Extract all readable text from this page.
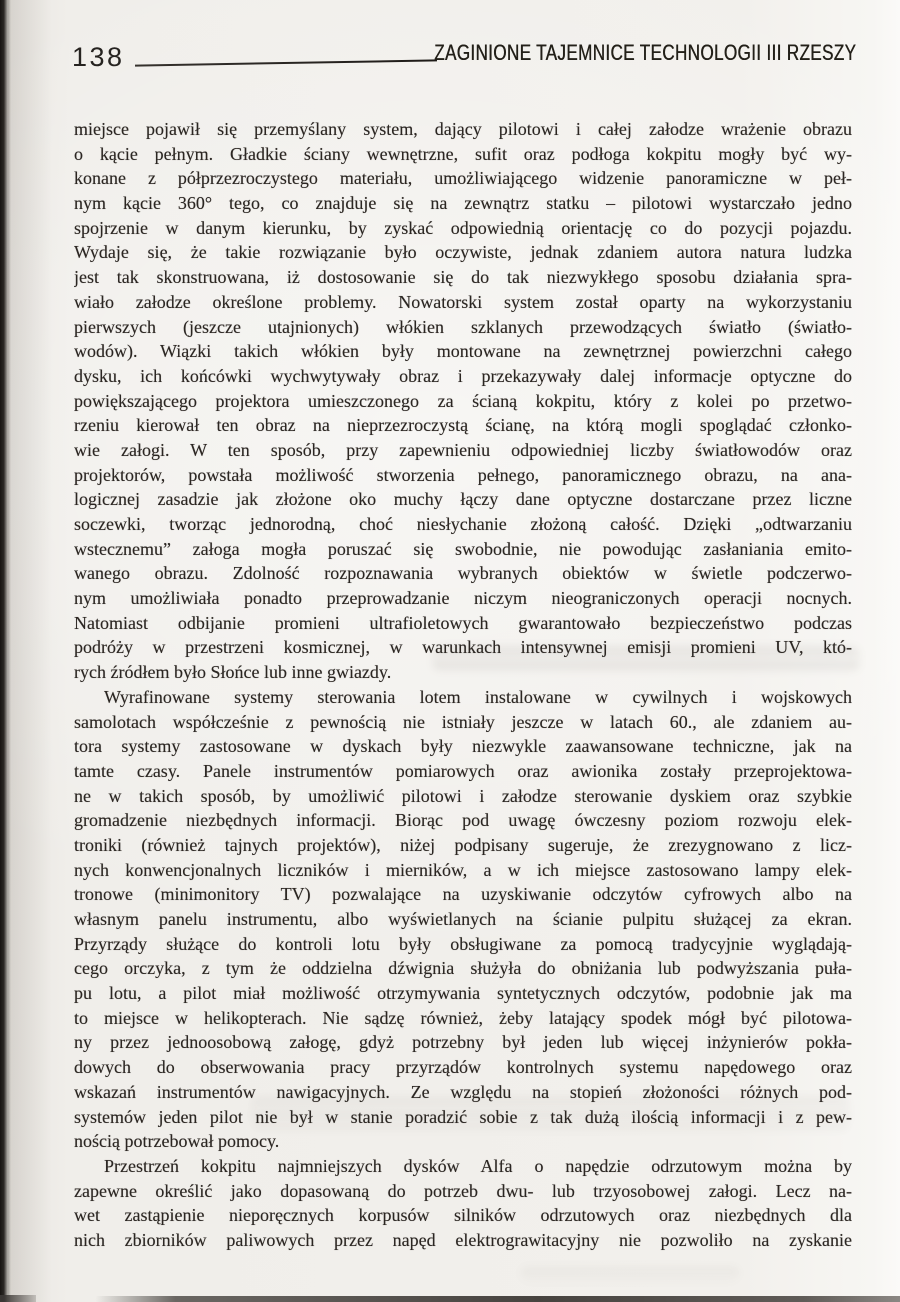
138	ZAGINIONE TAJEMNICE TECHNOLOGII III RZESZY
miejsce pojawił się przemyślany system, dający pilotowi i całej załodze wrażenie obrazu
o kącie pełnym. Gładkie ściany wewnętrzne, sufit oraz podłoga kokpitu mogły być wy-
konane z półprzezroczystego materiału, umożliwiającego widzenie panoramiczne w peł-
nym kącie 360° tego, co znajduje się na zewnątrz statku – pilotowi wystarczało jedno
spojrzenie w danym kierunku, by zyskać odpowiednią orientację co do pozycji pojazdu.
Wydaje się, że takie rozwiązanie było oczywiste, jednak zdaniem autora natura ludzka
jest tak skonstruowana, iż dostosowanie się do tak niezwykłego sposobu działania spra-
wiało załodze określone problemy. Nowatorski system został oparty na wykorzystaniu
pierwszych (jeszcze utajnionych) włókien szklanych przewodzących światło (światło-
wodów). Wiązki takich włókien były montowane na zewnętrznej powierzchni całego
dysku, ich końcówki wychwytywały obraz i przekazywały dalej informacje optyczne do
powiększającego projektora umieszczonego za ścianą kokpitu, który z kolei po przetwo-
rzeniu kierował ten obraz na nieprzezroczystą ścianę, na którą mogli spoglądać członko-
wie załogi. W ten sposób, przy zapewnieniu odpowiedniej liczby światłowodów oraz
projektorów, powstała możliwość stworzenia pełnego, panoramicznego obrazu, na ana-
logicznej zasadzie jak złożone oko muchy łączy dane optyczne dostarczane przez liczne
soczewki, tworząc jednorodną, choć niesłychanie złożoną całość. Dzięki „odtwarzaniu
wstecznemu” załoga mogła poruszać się swobodnie, nie powodując zasłaniania emito-
wanego obrazu. Zdolność rozpoznawania wybranych obiektów w świetle podczerwo-
nym umożliwiała ponadto przeprowadzanie niczym nieograniczonych operacji nocnych.
Natomiast odbijanie promieni ultrafioletowych gwarantowało bezpieczeństwo podczas
podróży w przestrzeni kosmicznej, w warunkach intensywnej emisji promieni UV, któ-
rych źródłem było Słońce lub inne gwiazdy.
Wyrafinowane systemy sterowania lotem instalowane w cywilnych i wojskowych
samolotach współcześnie z pewnością nie istniały jeszcze w latach 60., ale zdaniem au-
tora systemy zastosowane w dyskach były niezwykle zaawansowane techniczne, jak na
tamte czasy. Panele instrumentów pomiarowych oraz awionika zostały przeprojektowa-
ne w takich sposób, by umożliwić pilotowi i załodze sterowanie dyskiem oraz szybkie
gromadzenie niezbędnych informacji. Biorąc pod uwagę ówczesny poziom rozwoju elek-
troniki (również tajnych projektów), niżej podpisany sugeruje, że zrezygnowano z licz-
nych konwencjonalnych liczników i mierników, a w ich miejsce zastosowano lampy elek-
tronowe (minimonitory TV) pozwalające na uzyskiwanie odczytów cyfrowych albo na
własnym panelu instrumentu, albo wyświetlanych na ścianie pulpitu służącej za ekran.
Przyrządy służące do kontroli lotu były obsługiwane za pomocą tradycyjnie wyglądają-
cego orczyka, z tym że oddzielna dźwignia służyła do obniżania lub podwyższania puła-
pu lotu, a pilot miał możliwość otrzymywania syntetycznych odczytów, podobnie jak ma
to miejsce w helikopterach. Nie sądzę również, żeby latający spodek mógł być pilotowa-
ny przez jednoosobową załogę, gdyż potrzebny był jeden lub więcej inżynierów pokła-
dowych do obserwowania pracy przyrządów kontrolnych systemu napędowego oraz
wskazań instrumentów nawigacyjnych. Ze względu na stopień złożoności różnych pod-
systemów jeden pilot nie był w stanie poradzić sobie z tak dużą ilością informacji i z pew-
nością potrzebował pomocy.
Przestrzeń kokpitu najmniejszych dysków Alfa o napędzie odrzutowym można by
zapewne określić jako dopasowaną do potrzeb dwu- lub trzyosobowej załogi. Lecz na-
wet zastąpienie nieporęcznych korpusów silników odrzutowych oraz niezbędnych dla
nich zbiorników paliwowych przez napęd elektrograwitacyjny nie pozwoliło na zyskanie
